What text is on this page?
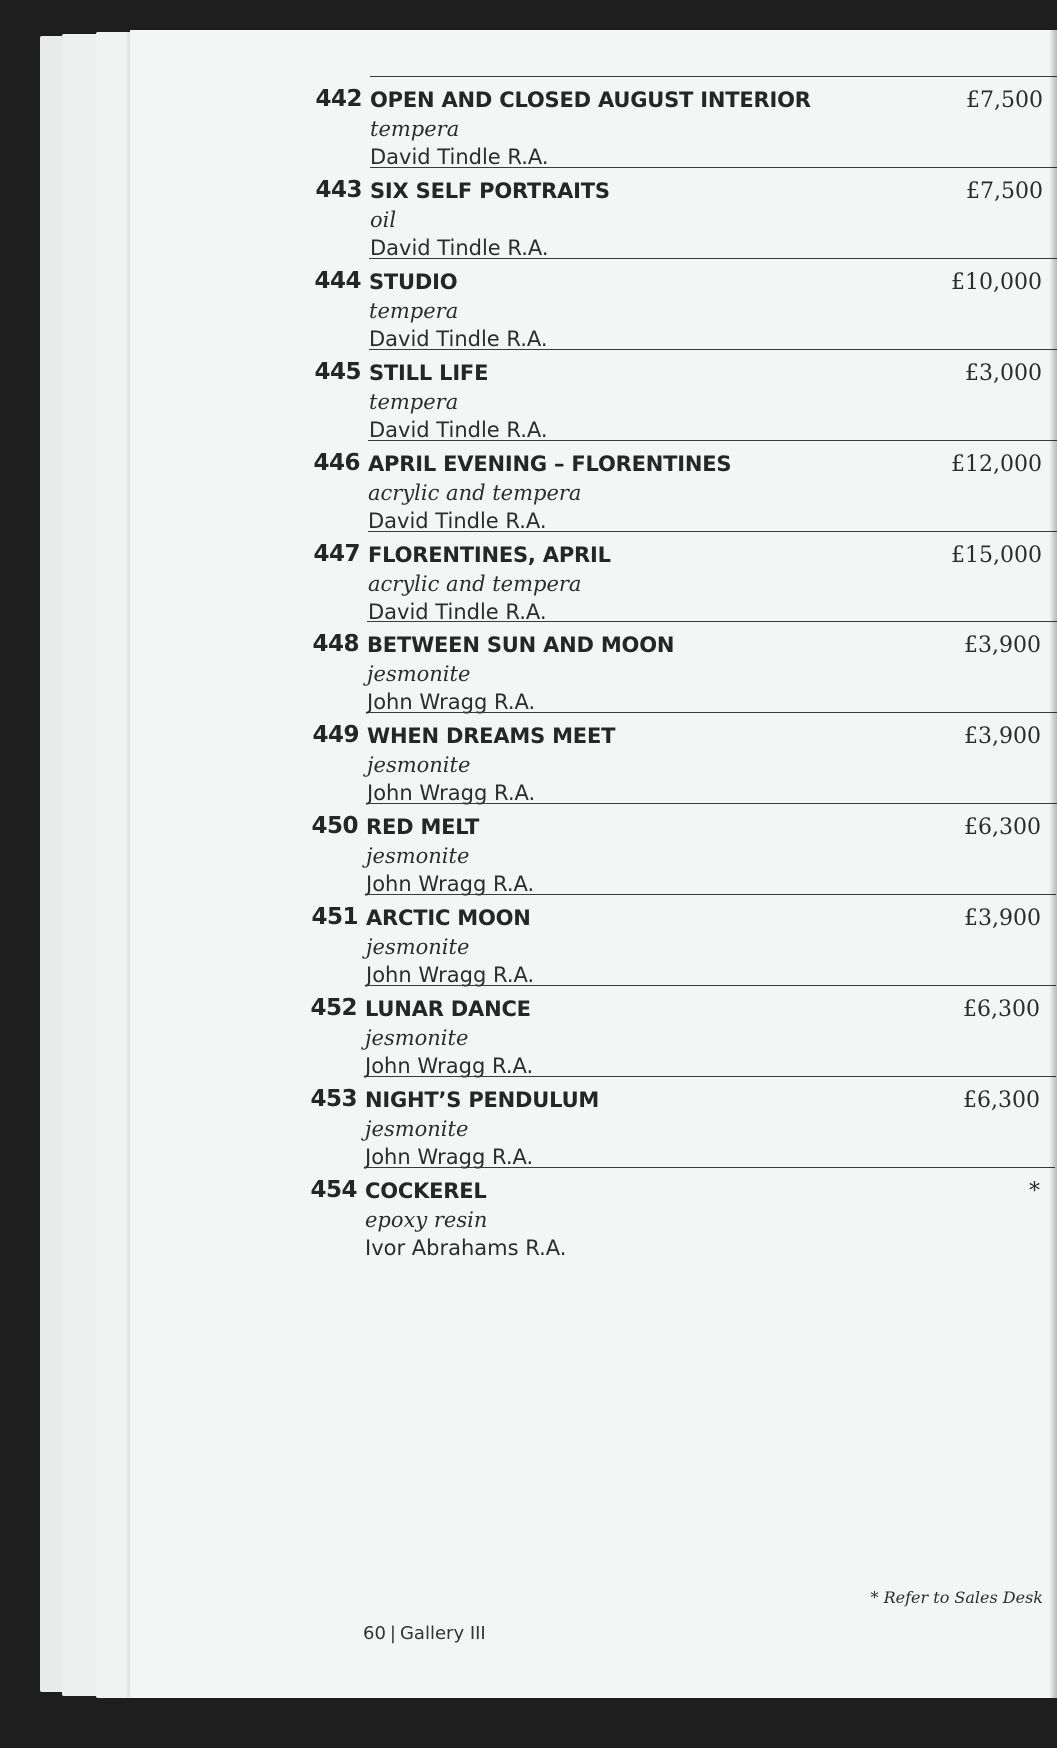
442 OPEN AND CLOSED AUGUST INTERIOR
tempera
David Tindle R.A.
£7,500
443 SIX SELF PORTRAITS
oil
David Tindle R.A.
£7,500
444 STUDIO
tempera
David Tindle R.A.
£10,000
445 STILL LIFE
tempera
David Tindle R.A.
£3,000
446 APRIL EVENING – FLORENTINES
acrylic and tempera
David Tindle R.A.
£12,000
447 FLORENTINES, APRIL
acrylic and tempera
David Tindle R.A.
£15,000
448 BETWEEN SUN AND MOON
jesmonite
John Wragg R.A.
£3,900
449 WHEN DREAMS MEET
jesmonite
John Wragg R.A.
£3,900
450 RED MELT
jesmonite
John Wragg R.A.
£6,300
451 ARCTIC MOON
jesmonite
John Wragg R.A.
£3,900
452 LUNAR DANCE
jesmonite
John Wragg R.A.
£6,300
453 NIGHT’S PENDULUM
jesmonite
John Wragg R.A.
£6,300
454 COCKEREL
epoxy resin
Ivor Abrahams R.A.
*
* Refer to Sales Desk
60 | Gallery III
